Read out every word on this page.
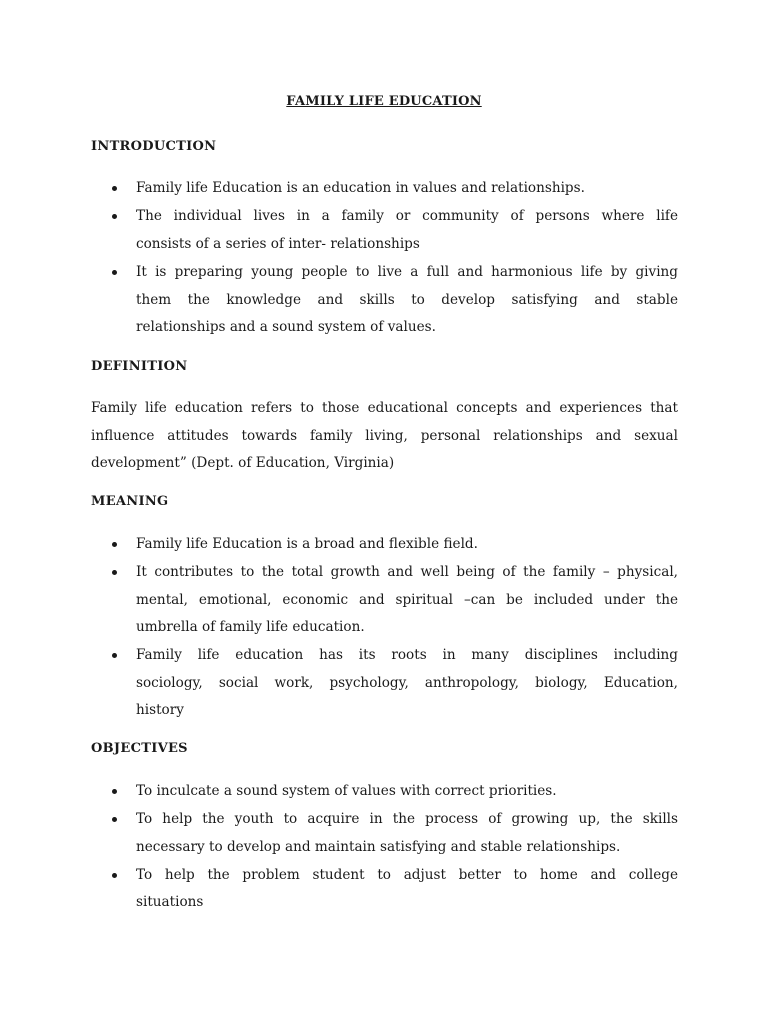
FAMILY LIFE EDUCATION
INTRODUCTION
Family life Education is an education in values and relationships.
The individual lives in a family or community of persons where life
consists of a series of inter- relationships
It is preparing young people to live a full and harmonious life by giving
them the knowledge and skills to develop satisfying and stable
relationships and a sound system of values.
DEFINITION
Family life education refers to those educational concepts and experiences that
influence attitudes towards family living, personal relationships and sexual
development” (Dept. of Education, Virginia)
MEANING
Family life Education is a broad and flexible field.
It contributes to the total growth and well being of the family – physical,
mental, emotional, economic and spiritual –can be included under the
umbrella of family life education.
Family life education has its roots in many disciplines including
sociology, social work, psychology, anthropology, biology, Education,
history
OBJECTIVES
To inculcate a sound system of values with correct priorities.
To help the youth to acquire in the process of growing up, the skills
necessary to develop and maintain satisfying and stable relationships.
To help the problem student to adjust better to home and college
situations
